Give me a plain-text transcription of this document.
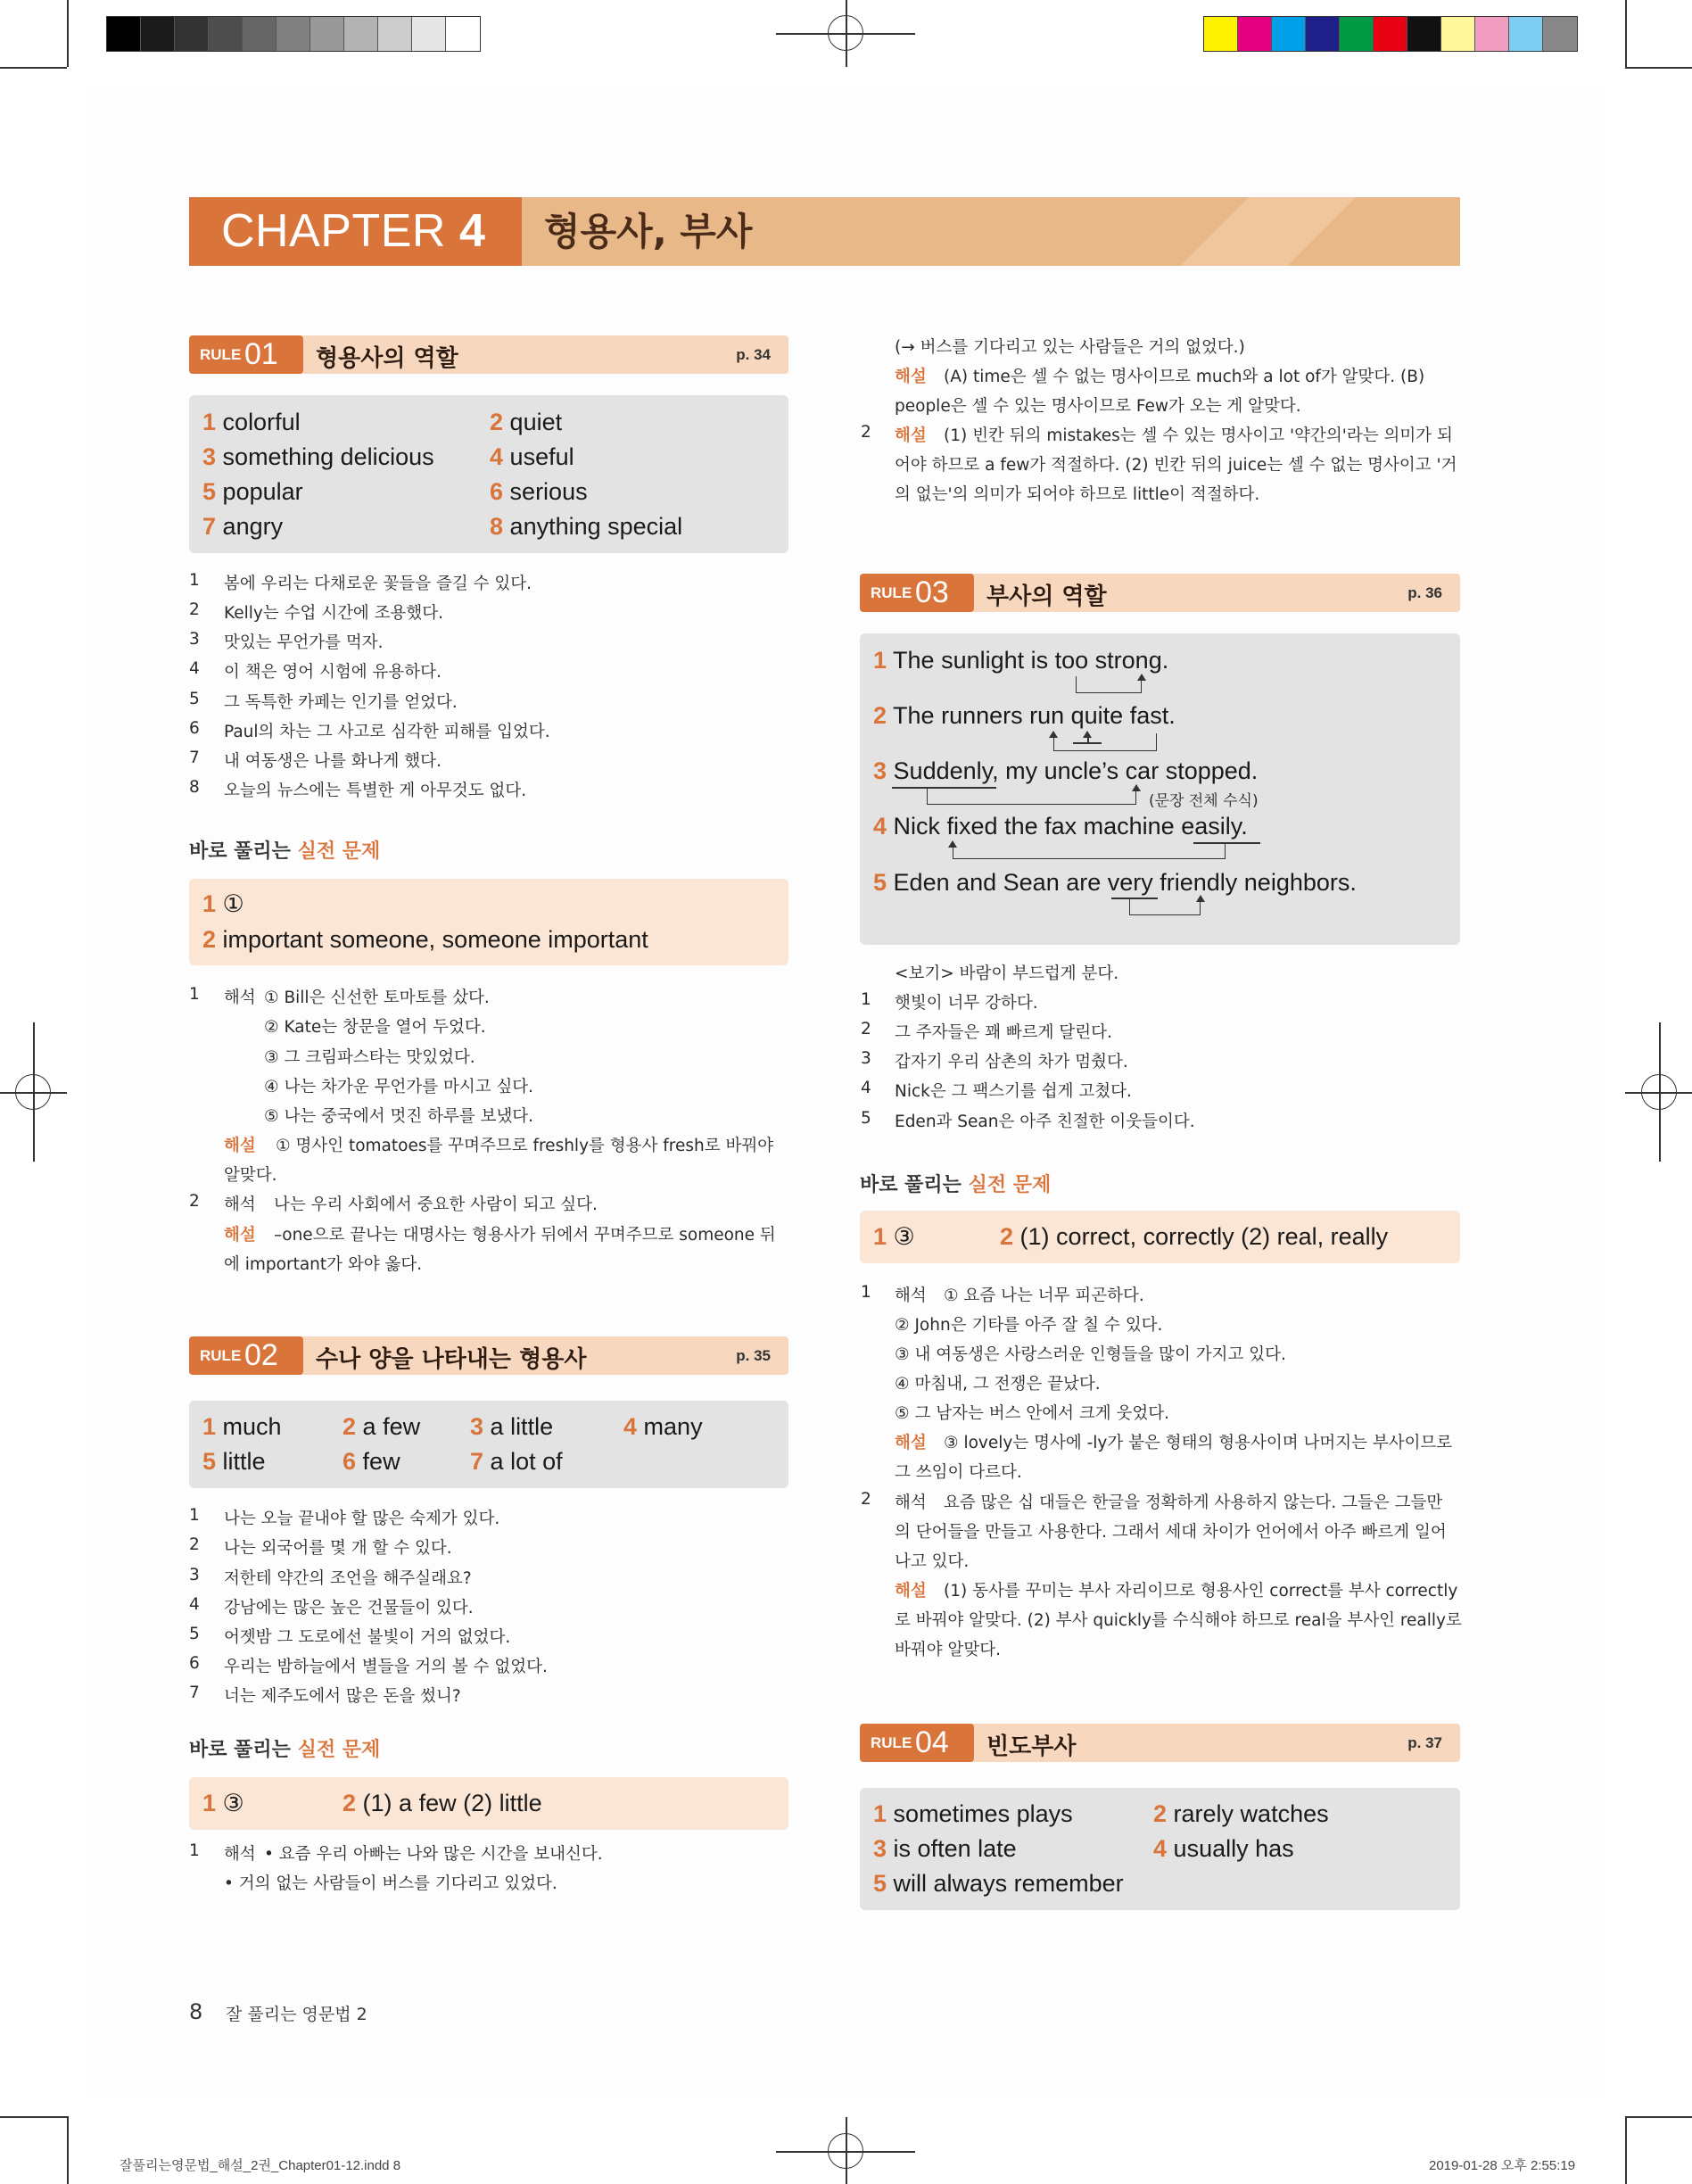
CHAPTER 4	형용사, 부사
RULE 01 형용사의 역할	p. 34
1 colorful	2 quiet
3 something delicious 4 useful
5 popular	6 serious
7 angry	8 anything special
1 봄에 우리는 다채로운 꽃들을 즐길 수 있다.
2 Kelly는 수업 시간에 조용했다.
3 맛있는 무언가를 먹자.
4 이 책은 영어 시험에 유용하다.
5 그 독특한 카페는 인기를 얻었다.
6 Paul의 차는 그 사고로 심각한 피해를 입었다.
7 내 여동생은 나를 화나게 했다.
8 오늘의 뉴스에는 특별한 게 아무것도 없다.
바로 풀리는 실전 문제
1 ①
2 important someone, someone important
1 해석 ① Bill은 신선한 토마토를 샀다.
② Kate는 창문을 열어 두었다.
③ 그 크림파스타는 맛있었다.
④ 나는 차가운 무언가를 마시고 싶다.
⑤ 나는 중국에서 멋진 하루를 보냈다.
해설 ① 명사인 tomatoes를 꾸며주므로 freshly를 형용사 fresh로 바꿔야
알맞다.
2 해석 나는 우리 사회에서 중요한 사람이 되고 싶다.
해설 –one으로 끝나는 대명사는 형용사가 뒤에서 꾸며주므로 someone 뒤
에 important가 와야 옳다.
RULE 02 수나 양을 나타내는 형용사	p. 35
1 much	2 a few 3 a little	4 many
5 little	6 few	7 a lot of
1 나는 오늘 끝내야 할 많은 숙제가 있다.
2 나는 외국어를 몇 개 할 수 있다.
3 저한테 약간의 조언을 해주실래요?
4 강남에는 많은 높은 건물들이 있다.
5 어젯밤 그 도로에선 불빛이 거의 없었다.
6 우리는 밤하늘에서 별들을 거의 볼 수 없었다.
7 너는 제주도에서 많은 돈을 썼니?
바로 풀리는 실전 문제
1 ③	2 (1) a few (2) little
1 해석 • 요즘 우리 아빠는 나와 많은 시간을 보내신다.
• 거의 없는 사람들이 버스를 기다리고 있었다.
(→ 버스를 기다리고 있는 사람들은 거의 없었다.)
해설 (A) time은 셀 수 없는 명사이므로 much와 a lot of가 알맞다. (B)
people은 셀 수 있는 명사이므로 Few가 오는 게 알맞다.
2 해설 (1) 빈칸 뒤의 mistakes는 셀 수 있는 명사이고 '약간의'라는 의미가 되
어야 하므로 a few가 적절하다. (2) 빈칸 뒤의 juice는 셀 수 없는 명사이고 '거
의 없는'의 의미가 되어야 하므로 little이 적절하다.
RULE 03 부사의 역할	p. 36
1 The sunlight is too strong.
2 The runners run quite fast.
3 Suddenly, my uncle’s car stopped.
(문장 전체 수식)
4 Nick fixed the fax machine easily.
5 Eden and Sean are very friendly neighbors.
<보기> 바람이 부드럽게 분다.
1 햇빛이 너무 강하다.
2 그 주자들은 꽤 빠르게 달린다.
3 갑자기 우리 삼촌의 차가 멈췄다.
4 Nick은 그 팩스기를 쉽게 고쳤다.
5 Eden과 Sean은 아주 친절한 이웃들이다.
바로 풀리는 실전 문제
1 ③	2 (1) correct, correctly (2) real, really
1 해석 ① 요즘 나는 너무 피곤하다.
② John은 기타를 아주 잘 칠 수 있다.
③ 내 여동생은 사랑스러운 인형들을 많이 가지고 있다.
④ 마침내, 그 전쟁은 끝났다.
⑤ 그 남자는 버스 안에서 크게 웃었다.
해설 ③ lovely는 명사에 -ly가 붙은 형태의 형용사이며 나머지는 부사이므로
그 쓰임이 다르다.
2 해석 요즘 많은 십 대들은 한글을 정확하게 사용하지 않는다. 그들은 그들만
의 단어들을 만들고 사용한다. 그래서 세대 차이가 언어에서 아주 빠르게 일어
나고 있다.
해설 (1) 동사를 꾸미는 부사 자리이므로 형용사인 correct를 부사 correctly
로 바꿔야 알맞다. (2) 부사 quickly를 수식해야 하므로 real을 부사인 really로
바꿔야 알맞다.
RULE 04 빈도부사	p. 37
1 sometimes plays	2 rarely watches
3 is often late	4 usually has
5 will always remember
8 잘 풀리는 영문법 2
잘풀리는영문법_해설_2권_Chapter01-12.indd 8	2019-01-28 오후 2:55:19
